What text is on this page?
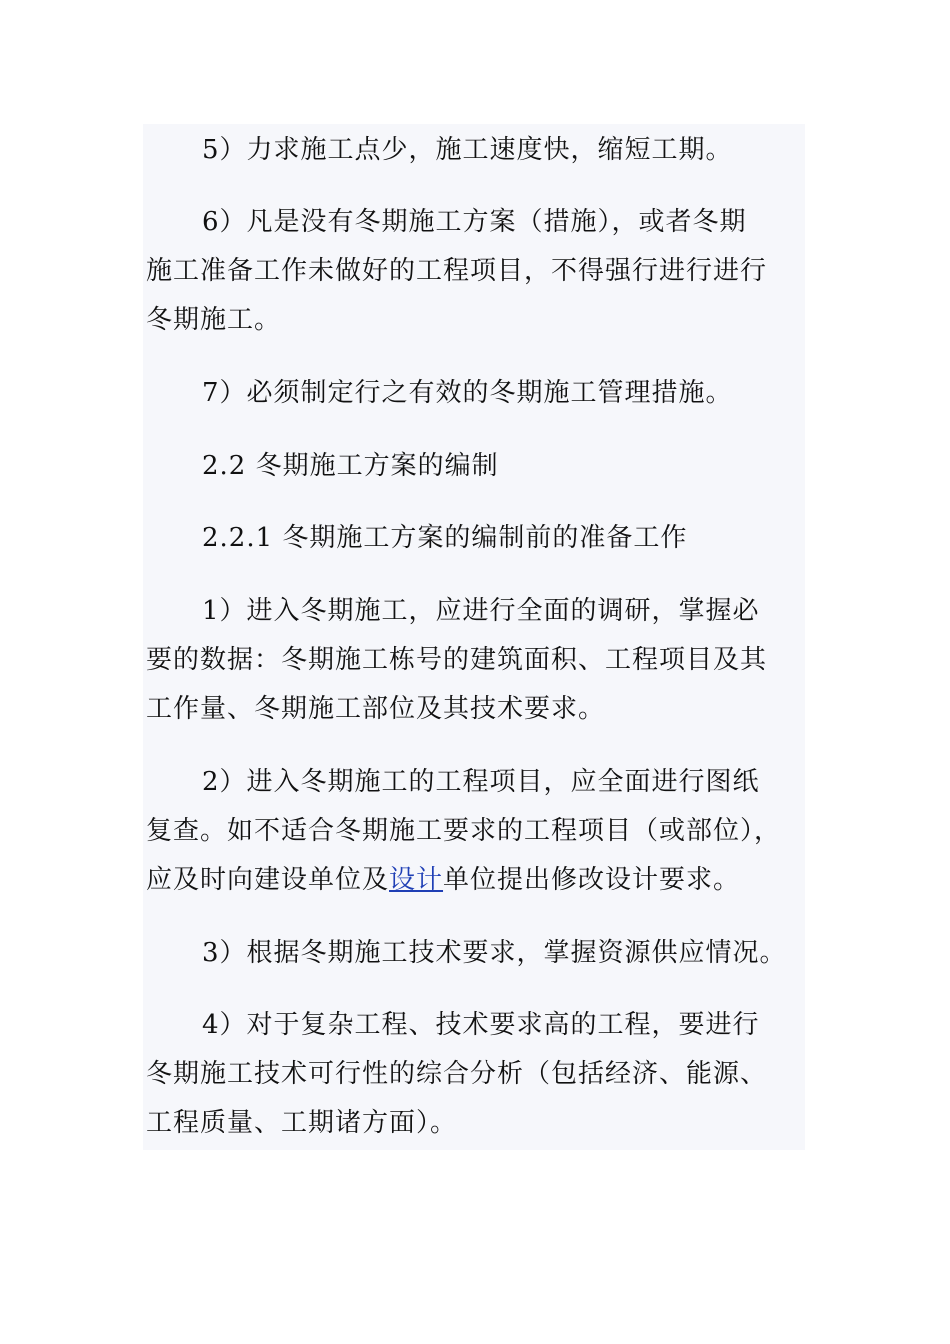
5）力求施工点少，施工速度快，缩短工期。

6）凡是没有冬期施工方案（措施），或者冬期
施工准备工作未做好的工程项目，不得强行进行进行
冬期施工。

7）必须制定行之有效的冬期施工管理措施。

2.2 冬期施工方案的编制

2.2.1 冬期施工方案的编制前的准备工作

1）进入冬期施工，应进行全面的调研，掌握必
要的数据：冬期施工栋号的建筑面积、工程项目及其
工作量、冬期施工部位及其技术要求。

2）进入冬期施工的工程项目，应全面进行图纸
复查。如不适合冬期施工要求的工程项目（或部位），
应及时向建设单位及设计单位提出修改设计要求。

3）根据冬期施工技术要求，掌握资源供应情况。

4）对于复杂工程、技术要求高的工程，要进行
冬期施工技术可行性的综合分析（包括经济、能源、
工程质量、工期诸方面）。
